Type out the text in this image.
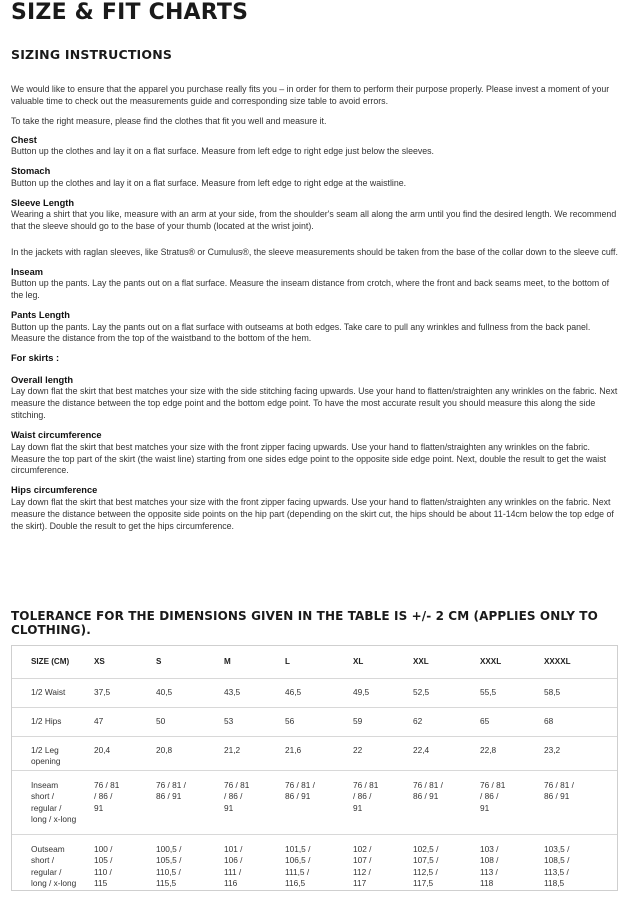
SIZE & FIT CHARTS
SIZING INSTRUCTIONS

We would like to ensure that the apparel you purchase really fits you – in order for them to perform their purpose properly. Please invest a moment of your valuable time to check out the measurements guide and corresponding size table to avoid errors.

To take the right measure, please find the clothes that fit you well and measure it.

Chest
Button up the clothes and lay it on a flat surface. Measure from left edge to right edge just below the sleeves.
Stomach
Button up the clothes and lay it on a flat surface. Measure from left edge to right edge at the waistline.
Sleeve Length
Wearing a shirt that you like, measure with an arm at your side, from the shoulder's seam all along the arm until you find the desired length. We recommend that the sleeve should go to the base of your thumb (located at the wrist joint).
In the jackets with raglan sleeves, like Stratus® or Cumulus®, the sleeve measurements should be taken from the base of the collar down to the sleeve cuff.
Inseam
Button up the pants. Lay the pants out on a flat surface. Measure the inseam distance from crotch, where the front and back seams meet, to the bottom of the leg.
Pants Length
Button up the pants. Lay the pants out on a flat surface with outseams at both edges. Take care to pull any wrinkles and fullness from the back panel. Measure the distance from the top of the waistband to the bottom of the hem.
For skirts :
Overall length
Lay down flat the skirt that best matches your size with the side stitching facing upwards. Use your hand to flatten/straighten any wrinkles on the fabric. Next measure the distance between the top edge point and the bottom edge point. To have the most accurate result you should measure this along the side stitching.
Waist circumference
Lay down flat the skirt that best matches your size with the front zipper facing upwards. Use your hand to flatten/straighten any wrinkles on the fabric. Measure the top part of the skirt (the waist line) starting from one sides edge point to the opposite side edge point. Next, double the result to get the waist circumference.
Hips circumference
Lay down flat the skirt that best matches your size with the front zipper facing upwards. Use your hand to flatten/straighten any wrinkles on the fabric. Next measure the distance between the opposite side points on the hip part (depending on the skirt cut, the hips should be about 11-14cm below the top edge of the skirt). Double the result to get the hips circumference.
TOLERANCE FOR THE DIMENSIONS GIVEN IN THE TABLE IS +/- 2 CM (APPLIES ONLY TO CLOTHING).
SIZE (CM)	XS	S	M	L	XL	XXL	XXXL	XXXXL

1/2 Waist	37,5	40,5	43,5	46,5	49,5	52,5	55,5	58,5

1/2 Hips	47	50	53	56	59	62	65	68

1/2 Leg
opening	20,4	20,8	21,2	21,6	22	22,4	22,8	23,2

Inseam
short /
regular /
long / x-long	76 / 81
/ 86 /
91	76 / 81 /
86 / 91	76 / 81
/ 86 /
91	76 / 81 /
86 / 91	76 / 81
/ 86 /
91	76 / 81 /
86 / 91	76 / 81
/ 86 /
91	76 / 81 /
86 / 91

Outseam
short /
regular /
long / x-long	100 /
105 /
110 /
115	100,5 /
105,5 /
110,5 /
115,5	101 /
106 /
111 /
116	101,5 /
106,5 /
111,5 /
116,5	102 /
107 /
112 /
117	102,5 /
107,5 /
112,5 /
117,5	103 /
108 /
113 /
118	103,5 /
108,5 /
113,5 /
118,5
